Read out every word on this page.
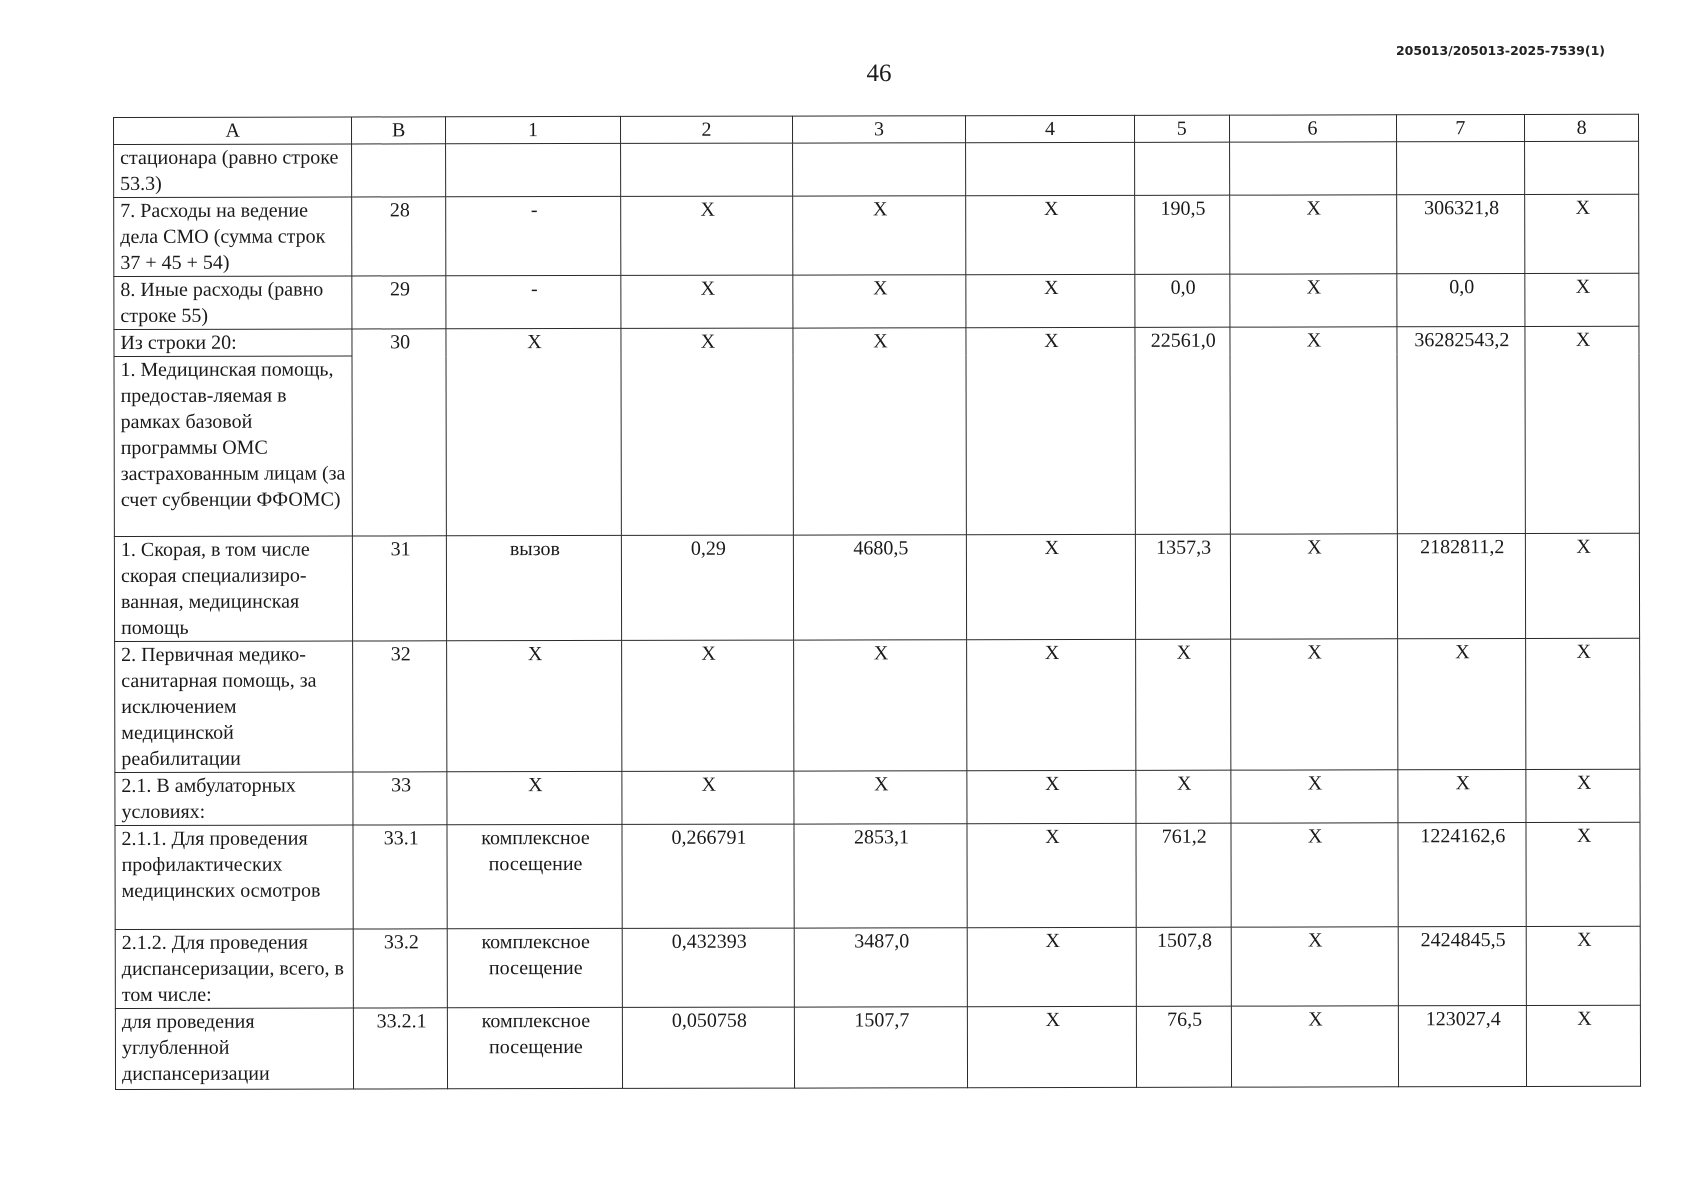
205013/205013-2025-7539(1)
46
A	B	1	2	3	4	5	6	7	8
стационара (равно строке 53.3)									
7. Расходы на ведение дела СМО (сумма строк 37 + 45 + 54)	28	-	X	X	X	190,5	X	306321,8	X
8. Иные расходы (равно строке 55)	29	-	X	X	X	0,0	X	0,0	X
Из строки 20:	30	X	X	X	X	22561,0	X	36282543,2	X
1. Медицинская помощь, предостав-ляемая в рамках базовой программы ОМС застрахованным лицам (за счет субвенции ФФОМС)									
1. Скорая, в том числе скорая специализиро-ванная, медицинская помощь	31	вызов	0,29	4680,5	X	1357,3	X	2182811,2	X
2. Первичная медико-санитарная помощь, за исключением медицинской реабилитации	32	X	X	X	X	X	X	X	X
2.1. В амбулаторных условиях:	33	X	X	X	X	X	X	X	X
2.1.1. Для проведения профилактических медицинских осмотров	33.1	комплексное посещение	0,266791	2853,1	X	761,2	X	1224162,6	X
2.1.2. Для проведения диспансеризации, всего, в том числе:	33.2	комплексное посещение	0,432393	3487,0	X	1507,8	X	2424845,5	X
для проведения углубленной диспансеризации	33.2.1	комплексное посещение	0,050758	1507,7	X	76,5	X	123027,4	X
